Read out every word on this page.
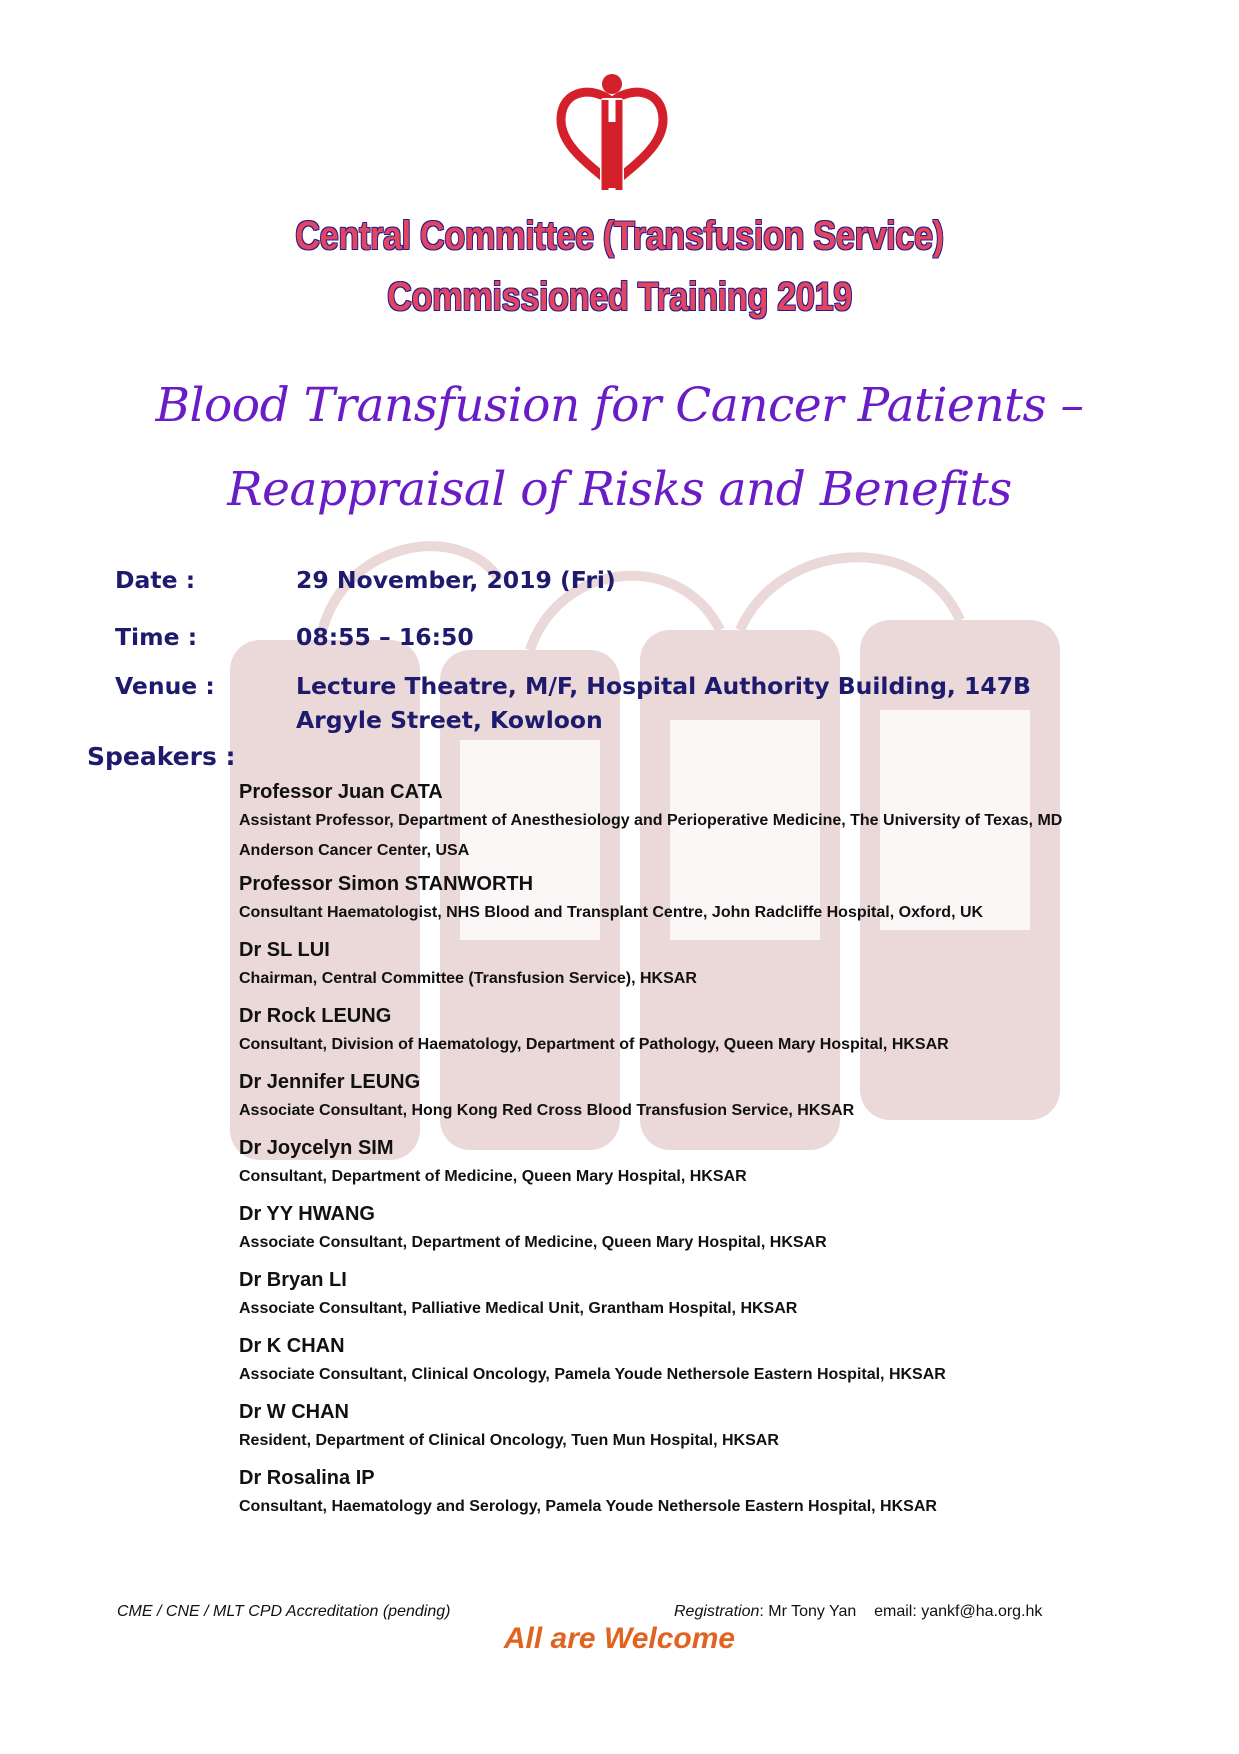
Central Committee (Transfusion Service)
Commissioned Training 2019
Blood Transfusion for Cancer Patients –
Reappraisal of Risks and Benefits
Date :	29 November, 2019 (Fri)
Time :	08:55 – 16:50
Venue :	Lecture Theatre, M/F, Hospital Authority Building, 147B
Argyle Street, Kowloon
Speakers :
Professor Juan CATA
Assistant Professor, Department of Anesthesiology and Perioperative Medicine, The University of Texas, MD Anderson Cancer Center, USA
Professor Simon STANWORTH
Consultant Haematologist, NHS Blood and Transplant Centre, John Radcliffe Hospital, Oxford, UK
Dr SL LUI
Chairman, Central Committee (Transfusion Service), HKSAR
Dr Rock LEUNG
Consultant, Division of Haematology, Department of Pathology, Queen Mary Hospital, HKSAR
Dr Jennifer LEUNG
Associate Consultant, Hong Kong Red Cross Blood Transfusion Service, HKSAR
Dr Joycelyn SIM
Consultant, Department of Medicine, Queen Mary Hospital, HKSAR
Dr YY HWANG
Associate Consultant, Department of Medicine, Queen Mary Hospital, HKSAR
Dr Bryan LI
Associate Consultant, Palliative Medical Unit, Grantham Hospital, HKSAR
Dr K CHAN
Associate Consultant, Clinical Oncology, Pamela Youde Nethersole Eastern Hospital, HKSAR
Dr W CHAN
Resident, Department of Clinical Oncology, Tuen Mun Hospital, HKSAR
Dr Rosalina IP
Consultant, Haematology and Serology, Pamela Youde Nethersole Eastern Hospital, HKSAR
CME / CNE / MLT CPD Accreditation (pending)	Registration: Mr Tony Yan    email: yankf@ha.org.hk
All are Welcome
